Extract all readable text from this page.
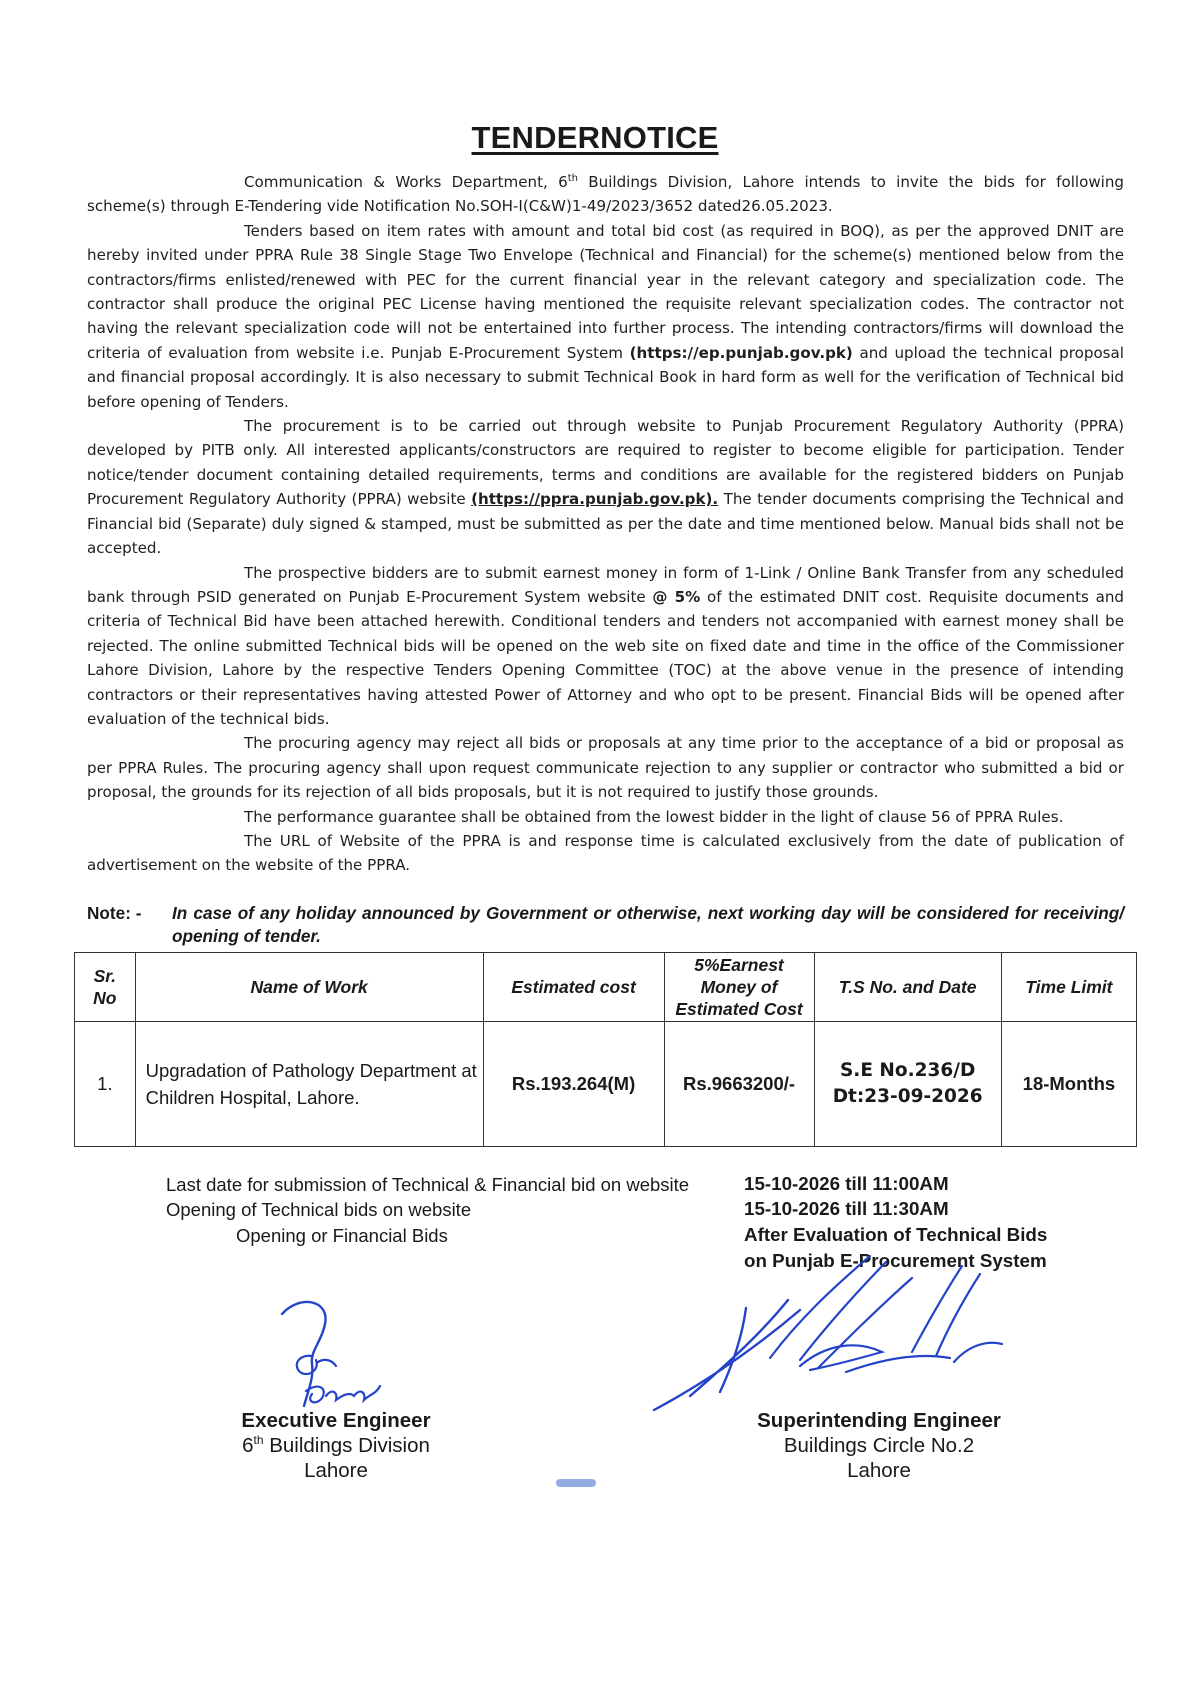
TENDERNOTICE

Communication & Works Department, 6th Buildings Division, Lahore intends to invite the bids for following scheme(s) through E-Tendering vide Notification No.SOH-I(C&W)1-49/2023/3652 dated26.05.2023.

Tenders based on item rates with amount and total bid cost (as required in BOQ), as per the approved DNIT are hereby invited under PPRA Rule 38 Single Stage Two Envelope (Technical and Financial) for the scheme(s) mentioned below from the contractors/firms enlisted/renewed with PEC for the current financial year in the relevant category and specialization code. The contractor shall produce the original PEC License having mentioned the requisite relevant specialization codes. The contractor not having the relevant specialization code will not be entertained into further process. The intending contractors/firms will download the criteria of evaluation from website i.e. Punjab E-Procurement System (https://ep.punjab.gov.pk) and upload the technical proposal and financial proposal accordingly. It is also necessary to submit Technical Book in hard form as well for the verification of Technical bid before opening of Tenders.

The procurement is to be carried out through website to Punjab Procurement Regulatory Authority (PPRA) developed by PITB only. All interested applicants/constructors are required to register to become eligible for participation. Tender notice/tender document containing detailed requirements, terms and conditions are available for the registered bidders on Punjab Procurement Regulatory Authority (PPRA) website (https://ppra.punjab.gov.pk). The tender documents comprising the Technical and Financial bid (Separate) duly signed & stamped, must be submitted as per the date and time mentioned below. Manual bids shall not be accepted.

The prospective bidders are to submit earnest money in form of 1-Link / Online Bank Transfer from any scheduled bank through PSID generated on Punjab E-Procurement System website @ 5% of the estimated DNIT cost. Requisite documents and criteria of Technical Bid have been attached herewith. Conditional tenders and tenders not accompanied with earnest money shall be rejected. The online submitted Technical bids will be opened on the web site on fixed date and time in the office of the Commissioner Lahore Division, Lahore by the respective Tenders Opening Committee (TOC) at the above venue in the presence of intending contractors or their representatives having attested Power of Attorney and who opt to be present. Financial Bids will be opened after evaluation of the technical bids.

The procuring agency may reject all bids or proposals at any time prior to the acceptance of a bid or proposal as per PPRA Rules. The procuring agency shall upon request communicate rejection to any supplier or contractor who submitted a bid or proposal, the grounds for its rejection of all bids proposals, but it is not required to justify those grounds.

The performance guarantee shall be obtained from the lowest bidder in the light of clause 56 of PPRA Rules.

The URL of Website of the PPRA is and response time is calculated exclusively from the date of publication of advertisement on the website of the PPRA.

Note: - In case of any holiday announced by Government or otherwise, next working day will be considered for receiving/ opening of tender.
Sr.
No	Name of Work	Estimated cost	5%Earnest
Money of
Estimated Cost	T.S No. and Date	Time Limit
1.	Upgradation of Pathology Department at
Children Hospital, Lahore.	Rs.193.264(M)	Rs.9663200/-	S.E No.236/D
Dt:23-09-2026	18-Months
Last date for submission of Technical & Financial bid on website	15-10-2026 till 11:00AM
Opening of Technical bids on website	15-10-2026 till 11:30AM
Opening or Financial Bids	After Evaluation of Technical Bids
on Punjab E-Procurement System
Executive Engineer
6th Buildings Division
Lahore
Superintending Engineer
Buildings Circle No.2
Lahore
